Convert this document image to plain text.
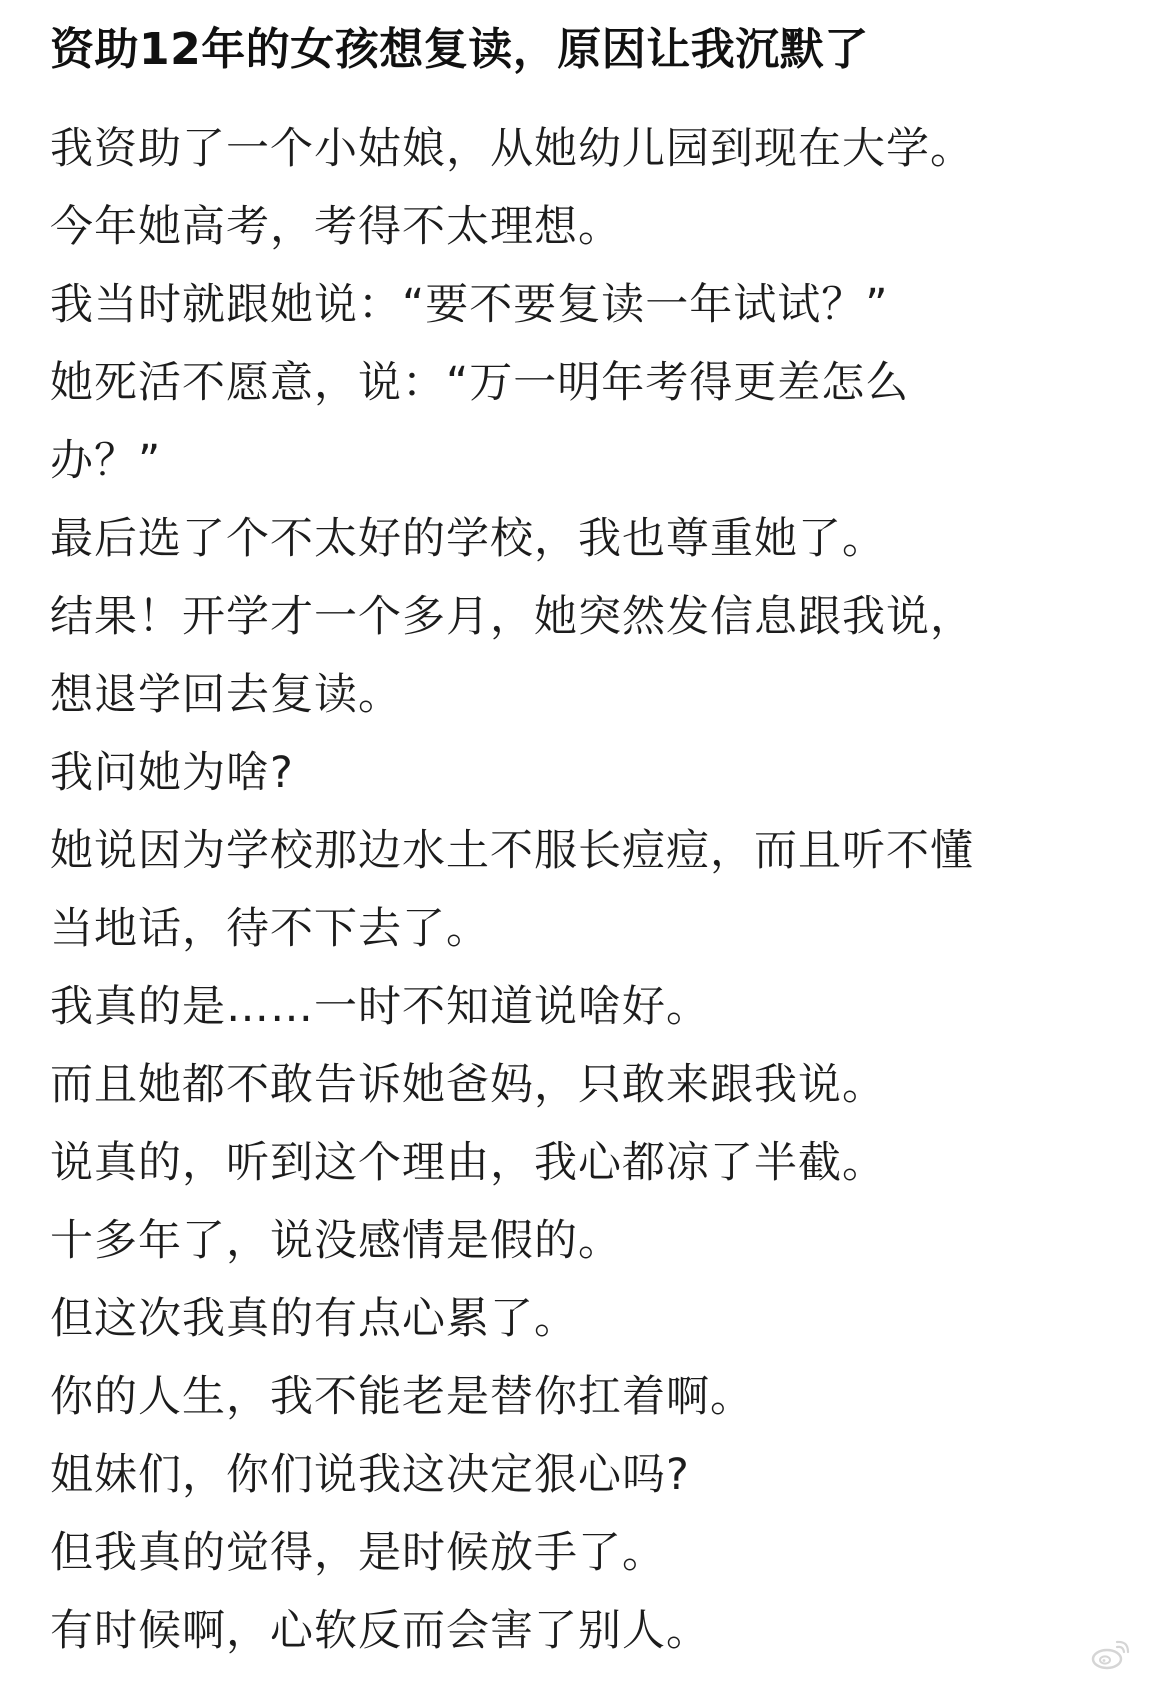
资助12年的女孩想复读，原因让我沉默了
我资助了一个小姑娘，从她幼儿园到现在大学。
今年她高考，考得不太理想。
我当时就跟她说：“要不要复读一年试试？”
她死活不愿意，说：“万一明年考得更差怎么
办？”
最后选了个不太好的学校，我也尊重她了。
结果！开学才一个多月，她突然发信息跟我说，
想退学回去复读。
我问她为啥?
她说因为学校那边水土不服长痘痘，而且听不懂
当地话，待不下去了。
我真的是……一时不知道说啥好。
而且她都不敢告诉她爸妈，只敢来跟我说。
说真的，听到这个理由，我心都凉了半截。
十多年了，说没感情是假的。
但这次我真的有点心累了。
你的人生，我不能老是替你扛着啊。
姐妹们，你们说我这决定狠心吗?
但我真的觉得，是时候放手了。
有时候啊，心软反而会害了别人。
